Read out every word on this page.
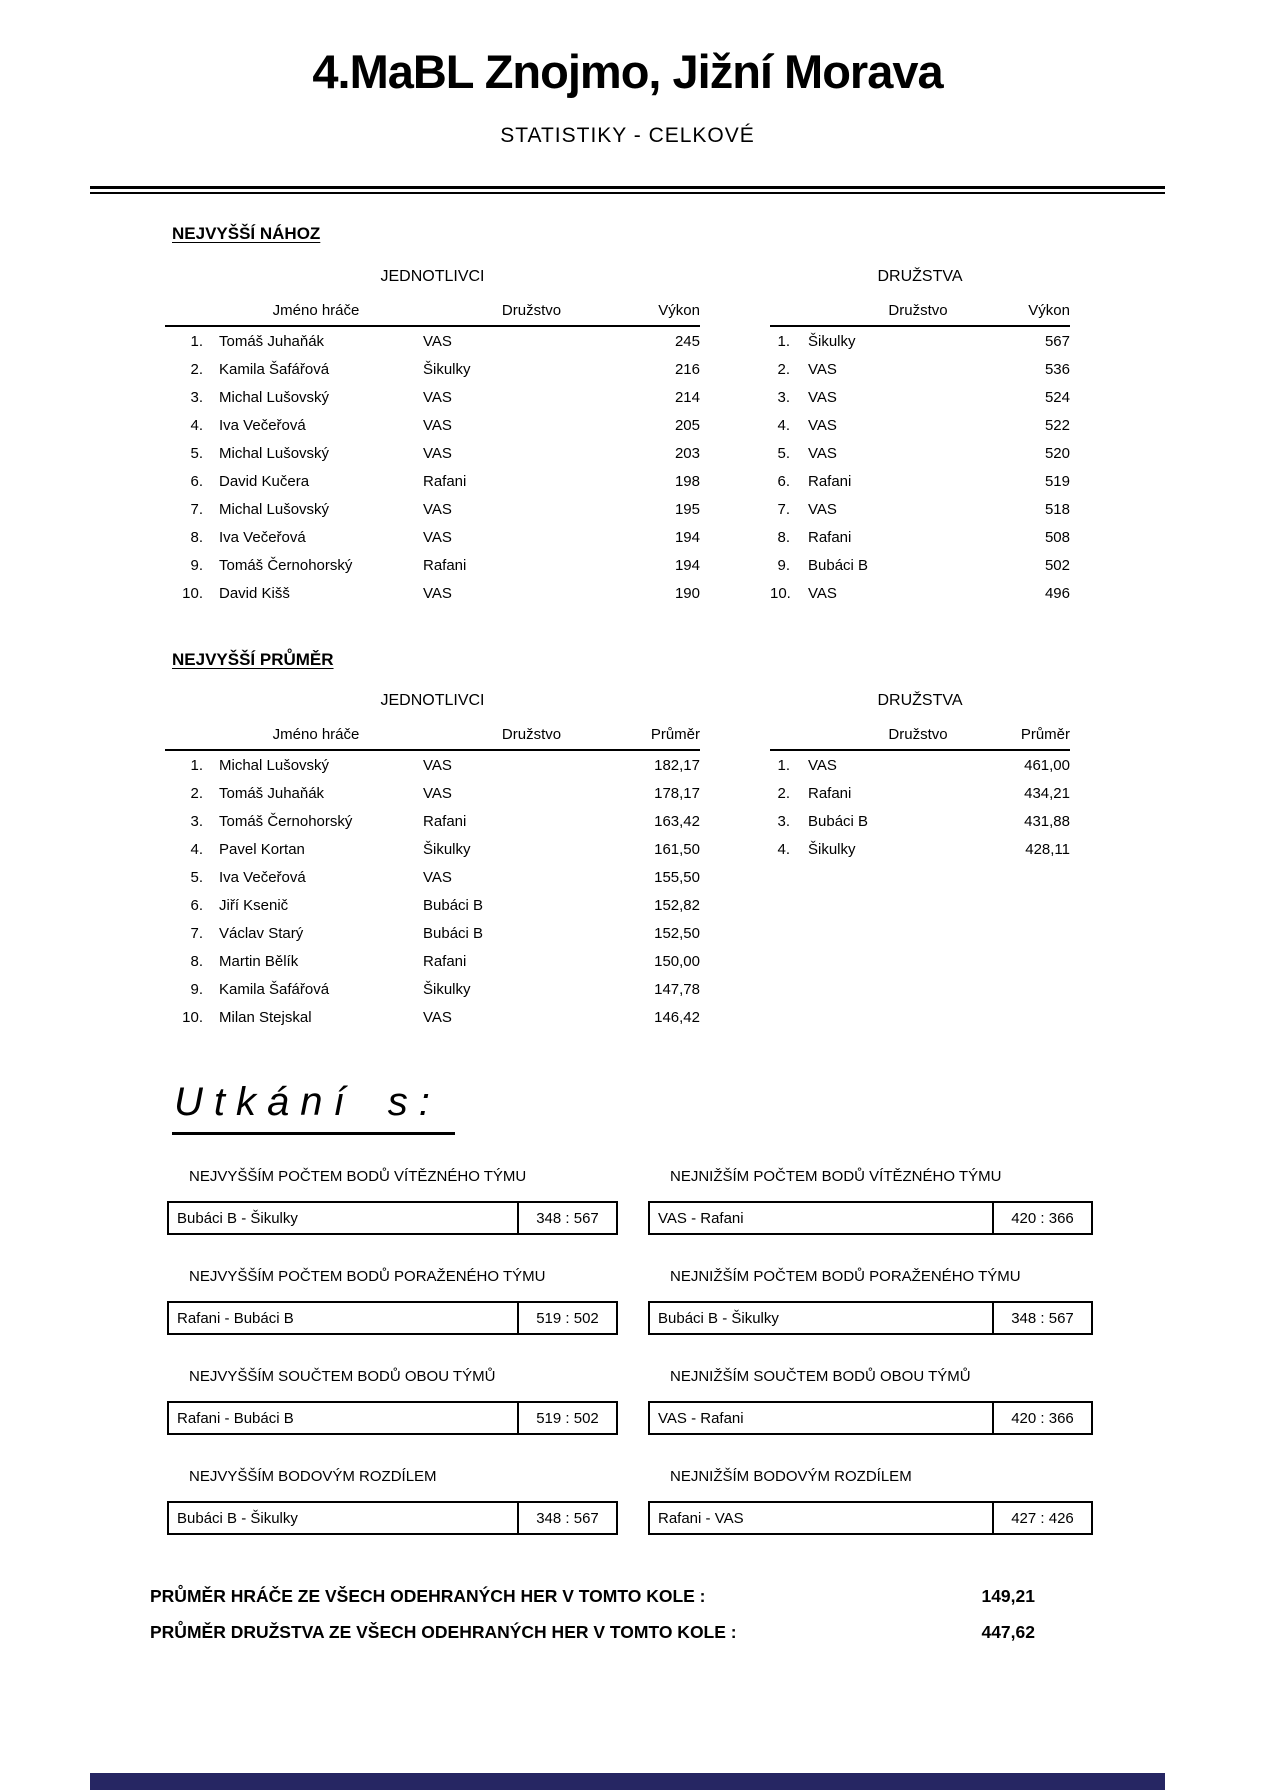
4.MaBL Znojmo, Jižní Morava
STATISTIKY - CELKOVÉ
NEJVYŠŠÍ NÁHOZ
JEDNOTLIVCI
Jméno hráče	Družstvo	Výkon
1.	Tomáš Juhaňák	VAS	245
2.	Kamila Šafářová	Šikulky	216
3.	Michal Lušovský	VAS	214
4.	Iva Večeřová	VAS	205
5.	Michal Lušovský	VAS	203
6.	David Kučera	Rafani	198
7.	Michal Lušovský	VAS	195
8.	Iva Večeřová	VAS	194
9.	Tomáš Černohorský	Rafani	194
10.	David Kišš	VAS	190
DRUŽSTVA
Družstvo	Výkon
1.	Šikulky	567
2.	VAS	536
3.	VAS	524
4.	VAS	522
5.	VAS	520
6.	Rafani	519
7.	VAS	518
8.	Rafani	508
9.	Bubáci B	502
10.	VAS	496
NEJVYŠŠÍ PRŮMĚR
JEDNOTLIVCI
Jméno hráče	Družstvo	Průměr
1.	Michal Lušovský	VAS	182,17
2.	Tomáš Juhaňák	VAS	178,17
3.	Tomáš Černohorský	Rafani	163,42
4.	Pavel Kortan	Šikulky	161,50
5.	Iva Večeřová	VAS	155,50
6.	Jiří Ksenič	Bubáci B	152,82
7.	Václav Starý	Bubáci B	152,50
8.	Martin Bělík	Rafani	150,00
9.	Kamila Šafářová	Šikulky	147,78
10.	Milan Stejskal	VAS	146,42
DRUŽSTVA
Družstvo	Průměr
1.	VAS	461,00
2.	Rafani	434,21
3.	Bubáci B	431,88
4.	Šikulky	428,11
Utkání s:
NEJVYŠŠÍM POČTEM BODŮ VÍTĚZNÉHO TÝMU
Bubáci B - Šikulky	348 : 567
NEJVYŠŠÍM POČTEM BODŮ PORAŽENÉHO TÝMU
Rafani - Bubáci B	519 : 502
NEJVYŠŠÍM SOUČTEM BODŮ OBOU TÝMŮ
Rafani - Bubáci B	519 : 502
NEJVYŠŠÍM BODOVÝM ROZDÍLEM
Bubáci B - Šikulky	348 : 567
NEJNIŽŠÍM POČTEM BODŮ VÍTĚZNÉHO TÝMU
VAS - Rafani	420 : 366
NEJNIŽŠÍM POČTEM BODŮ PORAŽENÉHO TÝMU
Bubáci B - Šikulky	348 : 567
NEJNIŽŠÍM SOUČTEM BODŮ OBOU TÝMŮ
VAS - Rafani	420 : 366
NEJNIŽŠÍM BODOVÝM ROZDÍLEM
Rafani - VAS	427 : 426
PRŮMĚR HRÁČE ZE VŠECH ODEHRANÝCH HER V TOMTO KOLE :	149,21
PRŮMĚR DRUŽSTVA ZE VŠECH ODEHRANÝCH HER V TOMTO KOLE :	447,62
